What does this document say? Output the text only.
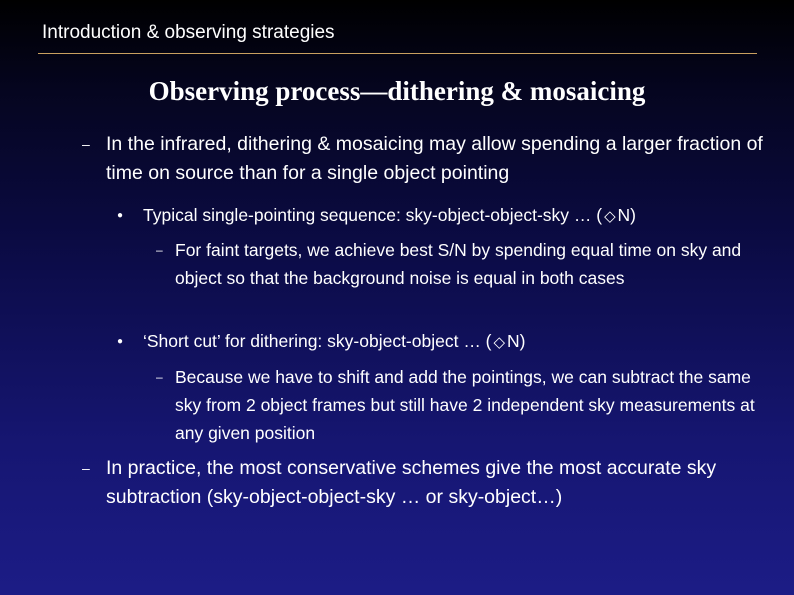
Introduction & observing strategies
Observing process—dithering & mosaicing
– In the infrared, dithering & mosaicing may allow spending a larger fraction of time on source than for a single object pointing
● Typical single-pointing sequence: sky-object-object-sky … ( ◇ N)
– For faint targets, we achieve best S/N by spending equal time on sky and object so that the background noise is equal in both cases
● ‘Short cut’ for dithering: sky-object-object … ( ◇ N)
– Because we have to shift and add the pointings, we can subtract the same sky from 2 object frames but still have 2 independent sky measurements at any given position
– In practice, the most conservative schemes give the most accurate sky subtraction (sky-object-object-sky … or sky-object…)
